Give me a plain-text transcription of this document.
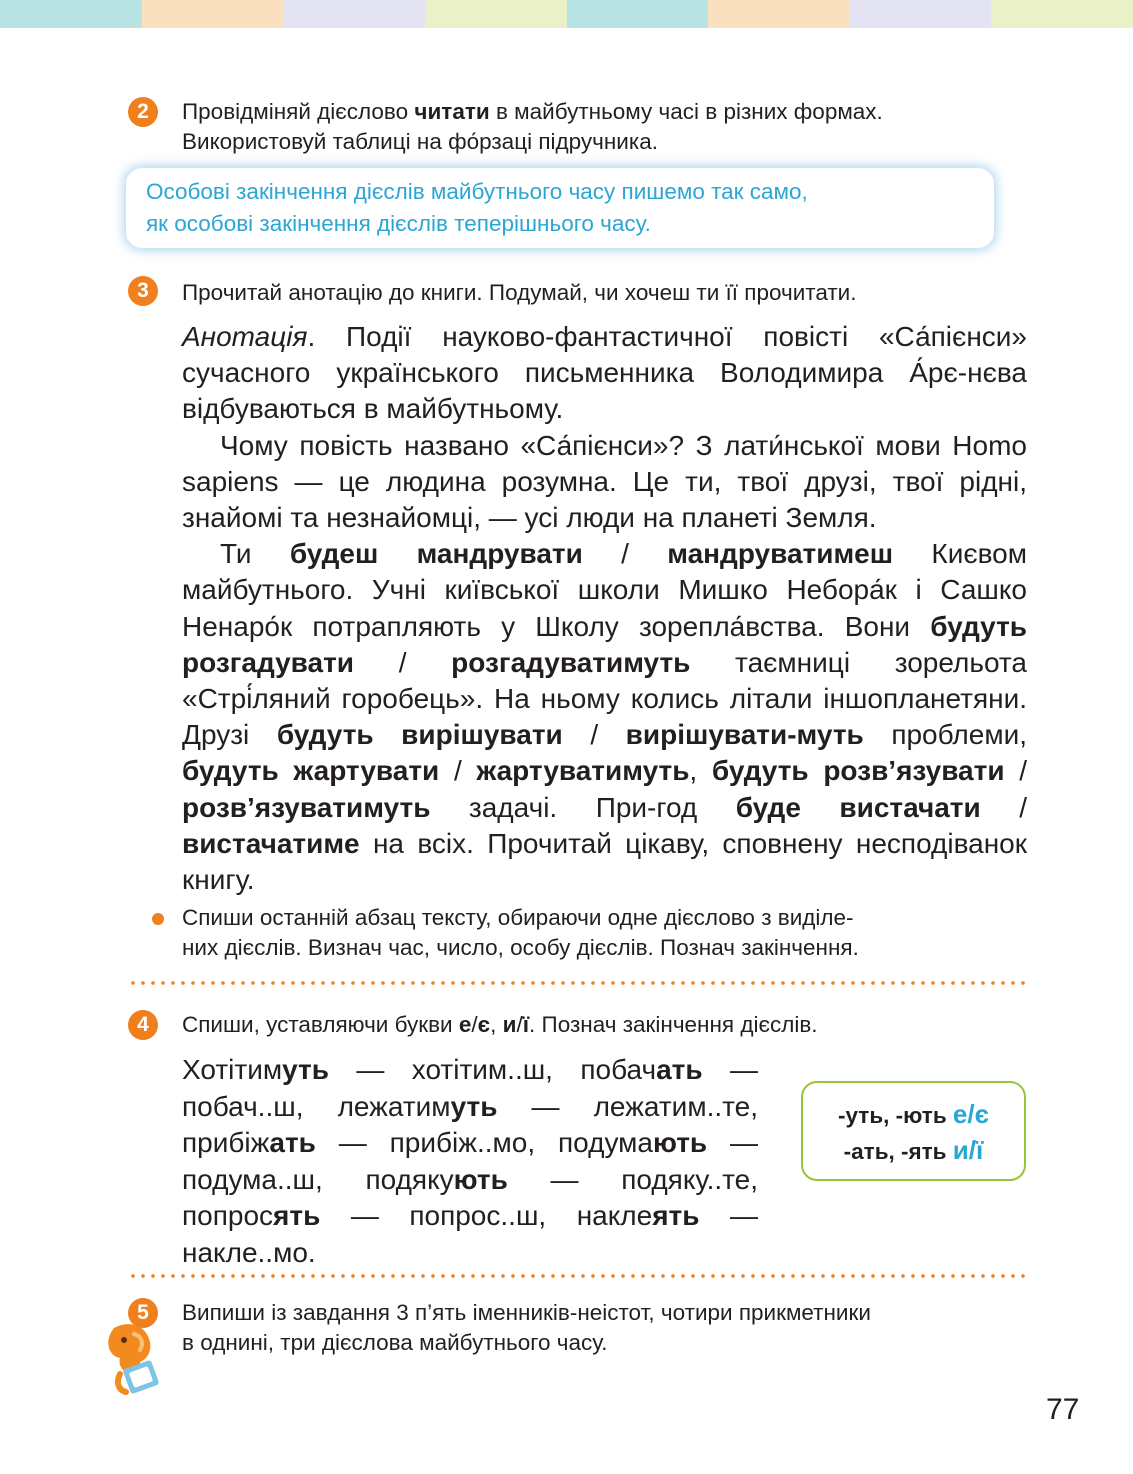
2	Провідміняй дієслово читати в майбутньому часі в різних формах.
Використовуй таблиці на фо́рзаці підручника.
Особові закінчення дієслів майбутнього часу пишемо так само,
як особові закінчення дієслів теперішнього часу.
3	Прочитай анотацію до книги. Подумай, чи хочеш ти її прочитати.

Анотація. Події науково-фантастичної повісті «Са́пієнси» сучасного українського письменника Володимира А́рє-нєва відбуваються в майбутньому.

Чому повість названо «Са́пієнси»? З лати́нської мови Homo sapiens — це людина розумна. Це ти, твої друзі, твої рідні, знайомі та незнайомці, — усі люди на планеті Земля.

Ти будеш мандрувати / мандруватимеш Києвом майбутнього. Учні київської школи Мишко Небора́к і Сашко Ненаро́к потрапляють у Школу зорепла́вства. Вони будуть розгадувати / розгадуватимуть таємниці зорельота «Стрі́ляний горобець». На ньому колись літали іншопланетяни. Друзі будуть вирішувати / вирішувати-муть проблеми, будуть жартувати / жартуватимуть, будуть розв’язувати / розв’язуватимуть задачі. При-год буде вистачати / вистачатиме на всіх. Прочитай цікаву, сповнену несподіванок книгу.

Спиши останній абзац тексту, обираючи одне дієслово з виділе-
них дієслів. Визнач час, число, особу дієслів. Познач закінчення.
4	Спиши, уставляючи букви е/є, и/ї. Познач закінчення дієслів.
Хотітимуть — хотітим..ш, побачать — побач..ш, лежатимуть — лежатим..те, прибіжать — прибіж..мо, подумають — подума..ш, подякують — подяку..те, попросять — попрос..ш, наклеять — накле..мо.
-уть, -ють е/є
-ать, -ять и/ї
5	Випиши із завдання 3 п’ять іменників-неістот, чотири прикметники
в однині, три дієслова майбутнього часу.
77
